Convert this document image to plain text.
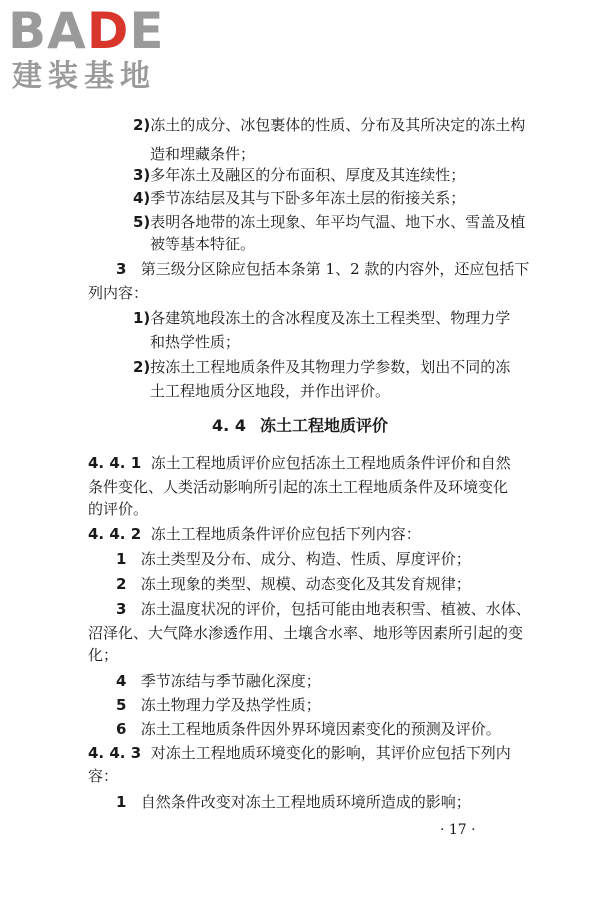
BADE
建装基地
2)冻土的成分、冰包裹体的性质、分布及其所决定的冻土构
造和埋藏条件；
3)多年冻土及融区的分布面积、厚度及其连续性；
4)季节冻结层及其与下卧多年冻土层的衔接关系；
5)表明各地带的冻土现象、年平均气温、地下水、雪盖及植
被等基本特征。
3 第三级分区除应包括本条第 1、2 款的内容外，还应包括下
列内容：
1)各建筑地段冻土的含冰程度及冻土工程类型、物理力学
和热学性质；
2)按冻土工程地质条件及其物理力学参数，划出不同的冻
土工程地质分区地段，并作出评价。
4. 4 冻土工程地质评价
4. 4. 1 冻土工程地质评价应包括冻土工程地质条件评价和自然
条件变化、人类活动影响所引起的冻土工程地质条件及环境变化
的评价。
4. 4. 2 冻土工程地质条件评价应包括下列内容：
1 冻土类型及分布、成分、构造、性质、厚度评价；
2 冻土现象的类型、规模、动态变化及其发育规律；
3 冻土温度状况的评价，包括可能由地表积雪、植被、水体、
沼泽化、大气降水渗透作用、土壤含水率、地形等因素所引起的变
化；
4 季节冻结与季节融化深度；
5 冻土物理力学及热学性质；
6 冻土工程地质条件因外界环境因素变化的预测及评价。
4. 4. 3 对冻土工程地质环境变化的影响，其评价应包括下列内
容：
1 自然条件改变对冻土工程地质环境所造成的影响；
· 17 ·
